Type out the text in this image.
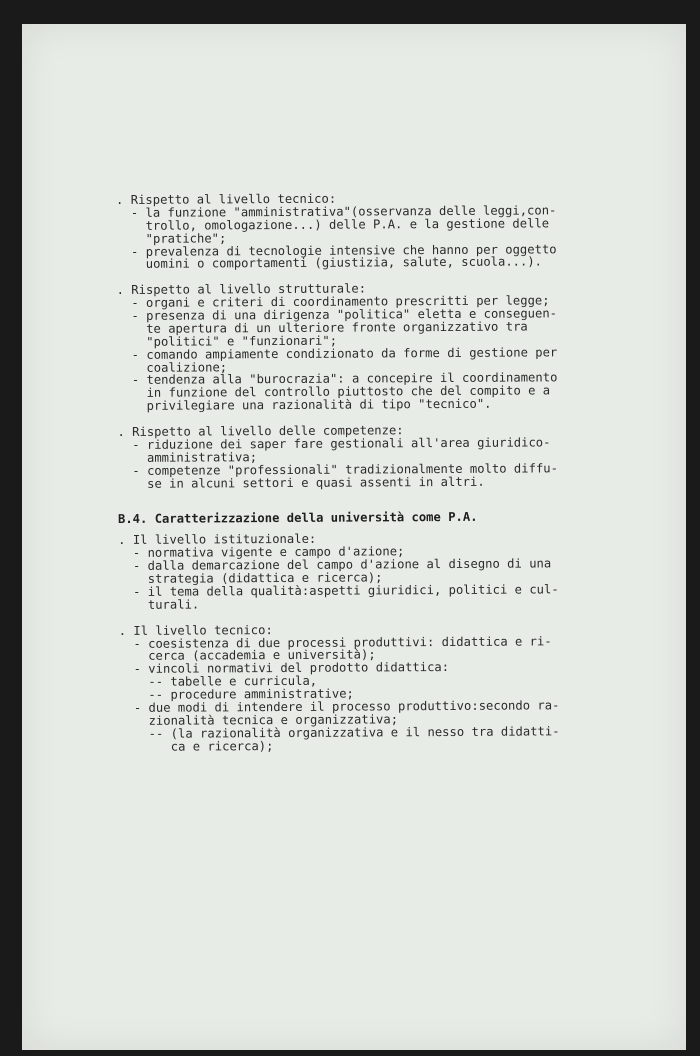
. Rispetto al livello tecnico:
- la funzione "amministrativa"(osservanza delle leggi,con-
trollo, omologazione...) delle P.A. e la gestione delle
"pratiche";
- prevalenza di tecnologie intensive che hanno per oggetto
uomini o comportamenti (giustizia, salute, scuola...).
. Rispetto al livello strutturale:
- organi e criteri di coordinamento prescritti per legge;
- presenza di una dirigenza "politica" eletta e conseguen-
te apertura di un ulteriore fronte organizzativo tra
"politici" e "funzionari";
- comando ampiamente condizionato da forme di gestione per
coalizione;
- tendenza alla "burocrazia": a concepire il coordinamento
in funzione del controllo piuttosto che del compito e a
privilegiare una razionalità di tipo "tecnico".
. Rispetto al livello delle competenze:
- riduzione dei saper fare gestionali all'area giuridico-
amministrativa;
- competenze "professionali" tradizionalmente molto diffu-
se in alcuni settori e quasi assenti in altri.
B.4. Caratterizzazione della università come P.A.
. Il livello istituzionale:
- normativa vigente e campo d'azione;
- dalla demarcazione del campo d'azione al disegno di una
strategia (didattica e ricerca);
- il tema della qualità:aspetti giuridici, politici e cul-
turali.
. Il livello tecnico:
- coesistenza di due processi produttivi: didattica e ri-
cerca (accademia e università);
- vincoli normativi del prodotto didattica:
-- tabelle e curricula,
-- procedure amministrative;
- due modi di intendere il processo produttivo:secondo ra-
zionalità tecnica e organizzativa;
-- (la razionalità organizzativa e il nesso tra didatti-
ca e ricerca);
